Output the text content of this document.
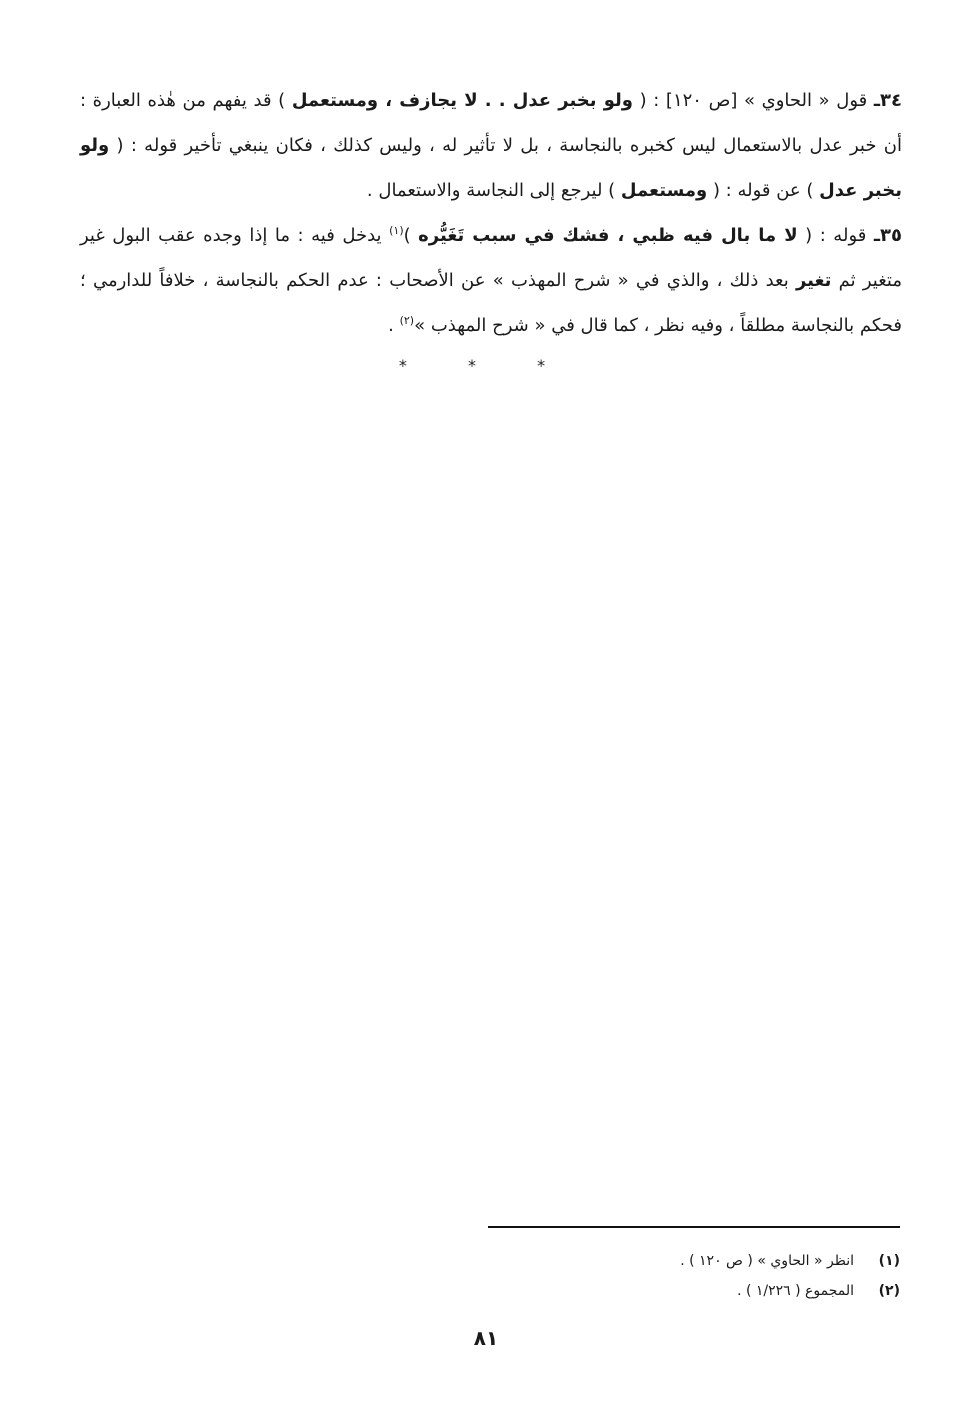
٣٤ـ قول « الحاوي » [ص ١٢٠] : ( ولو بخبر عدل . . لا يجازف ، ومستعمل ) قد يفهم من هٰذه العبارة : أن خبر عدل بالاستعمال ليس كخبره بالنجاسة ، بل لا تأثير له ، وليس كذلك ، فكان ينبغي تأخير قوله : ( ولو بخبر عدل ) عن قوله : ( ومستعمل ) ليرجع إلى النجاسة والاستعمال .

٣٥ـ قوله : ( لا ما بال فيه ظبي ، فشك في سبب تَغَيُّره )$^{(١)}$ يدخل فيه : ما إذا وجده عقب البول غير متغير ثم تغير بعد ذلك ، والذي في « شرح المهذب » عن الأصحاب : عدم الحكم بالنجاسة ، خلافاً للدارمي ؛ فحكم بالنجاسة مطلقاً ، وفيه نظر ، كما قال في « شرح المهذب »$^{(٢)}$ .

* * *

(١)انظر « الحاوي » ( ص ١٢٠ ) .

(٢)المجموع ( ١/٢٢٦ ) .

٨١
